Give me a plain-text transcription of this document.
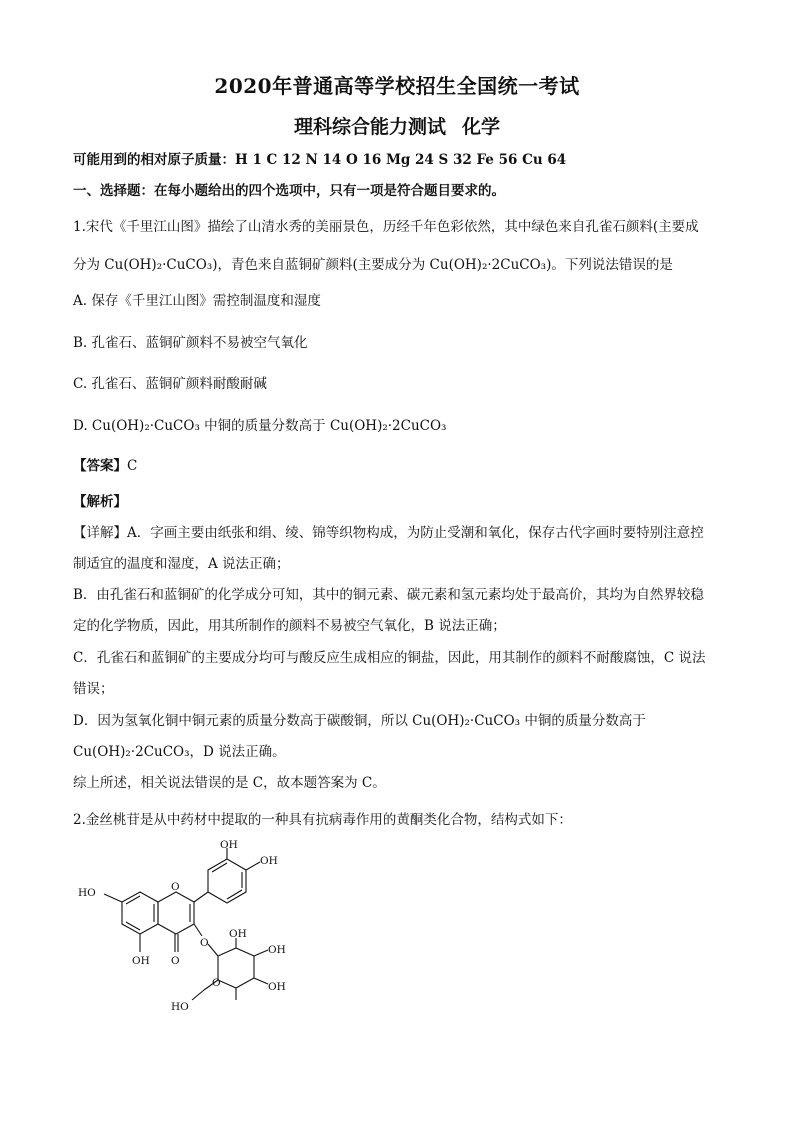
2020年普通高等学校招生全国统一考试
理科综合能力测试 化学
可能用到的相对原子质量：H 1 C 12 N 14 O 16 Mg 24 S 32 Fe 56 Cu 64
一、选择题：在每小题给出的四个选项中，只有一项是符合题目要求的。
1.宋代《千里江山图》描绘了山清水秀的美丽景色，历经千年色彩依然，其中绿色来自孔雀石颜料(主要成
分为 Cu(OH)₂·CuCO₃)，青色来自蓝铜矿颜料(主要成分为 Cu(OH)₂·2CuCO₃)。下列说法错误的是
A. 保存《千里江山图》需控制温度和湿度
B. 孔雀石、蓝铜矿颜料不易被空气氧化
C. 孔雀石、蓝铜矿颜料耐酸耐碱
D. Cu(OH)₂·CuCO₃ 中铜的质量分数高于 Cu(OH)₂·2CuCO₃
【答案】C
【解析】
【详解】A．字画主要由纸张和绢、绫、锦等织物构成，为防止受潮和氧化，保存古代字画时要特别注意控
制适宜的温度和湿度，A 说法正确；
B．由孔雀石和蓝铜矿的化学成分可知，其中的铜元素、碳元素和氢元素均处于最高价，其均为自然界较稳
定的化学物质，因此，用其所制作的颜料不易被空气氧化，B 说法正确；
C．孔雀石和蓝铜矿的主要成分均可与酸反应生成相应的铜盐，因此，用其制作的颜料不耐酸腐蚀，C 说法
错误；
D．因为氢氧化铜中铜元素的质量分数高于碳酸铜，所以 Cu(OH)₂·CuCO₃ 中铜的质量分数高于
Cu(OH)₂·2CuCO₃，D 说法正确。
综上所述，相关说法错误的是 C，故本题答案为 C。
2.金丝桃苷是从中药材中提取的一种具有抗病毒作用的黄酮类化合物，结构式如下：
OH
OH
HO
OH
O
O
O
O
OH
OH
OH
HO
